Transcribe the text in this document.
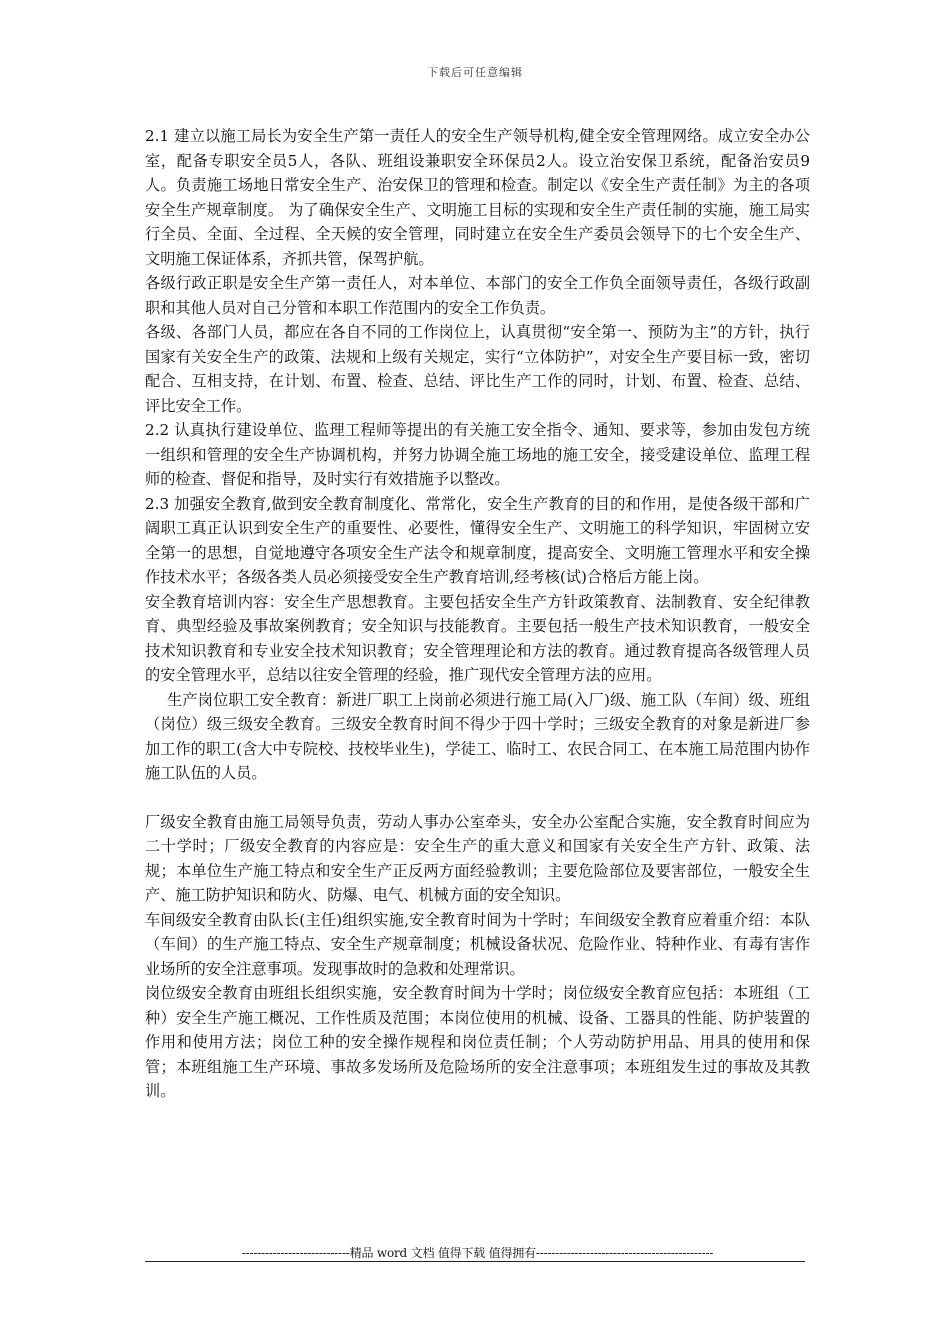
下载后可任意编辑

2.1 建立以施工局长为安全生产第一责任人的安全生产领导机构,健全安全管理网络。成立安全办公室，配备专职安全员5人，各队、班组设兼职安全环保员2人。设立治安保卫系统，配备治安员9人。负责施工场地日常安全生产、治安保卫的管理和检查。制定以《安全生产责任制》为主的各项安全生产规章制度。 为了确保安全生产、文明施工目标的实现和安全生产责任制的实施，施工局实行全员、全面、全过程、全天候的安全管理，同时建立在安全生产委员会领导下的七个安全生产、文明施工保证体系，齐抓共管，保驾护航。

各级行政正职是安全生产第一责任人，对本单位、本部门的安全工作负全面领导责任，各级行政副职和其他人员对自己分管和本职工作范围内的安全工作负责。

各级、各部门人员，都应在各自不同的工作岗位上，认真贯彻“安全第一、预防为主”的方针，执行国家有关安全生产的政策、法规和上级有关规定，实行“立体防护”，对安全生产要目标一致，密切配合、互相支持，在计划、布置、检查、总结、评比生产工作的同时，计划、布置、检查、总结、评比安全工作。

2.2 认真执行建设单位、监理工程师等提出的有关施工安全指令、通知、要求等，参加由发包方统一组织和管理的安全生产协调机构，并努力协调全施工场地的施工安全，接受建设单位、监理工程师的检查、督促和指导，及时实行有效措施予以整改。

2.3 加强安全教育,做到安全教育制度化、常常化，安全生产教育的目的和作用，是使各级干部和广阔职工真正认识到安全生产的重要性、必要性，懂得安全生产、文明施工的科学知识，牢固树立安全第一的思想，自觉地遵守各项安全生产法令和规章制度，提高安全、文明施工管理水平和安全操作技术水平；各级各类人员必须接受安全生产教育培训,经考核(试)合格后方能上岗。

安全教育培训内容：安全生产思想教育。主要包括安全生产方针政策教育、法制教育、安全纪律教育、典型经验及事故案例教育；安全知识与技能教育。主要包括一般生产技术知识教育，一般安全技术知识教育和专业安全技术知识教育；安全管理理论和方法的教育。通过教育提高各级管理人员的安全管理水平，总结以往安全管理的经验，推广现代安全管理方法的应用。

生产岗位职工安全教育：新进厂职工上岗前必须进行施工局(入厂)级、施工队（车间）级、班组（岗位）级三级安全教育。三级安全教育时间不得少于四十学时；三级安全教育的对象是新进厂参加工作的职工(含大中专院校、技校毕业生)，学徒工、临时工、农民合同工、在本施工局范围内协作施工队伍的人员。

厂级安全教育由施工局领导负责，劳动人事办公室牵头，安全办公室配合实施，安全教育时间应为二十学时；厂级安全教育的内容应是：安全生产的重大意义和国家有关安全生产方针、政策、法规；本单位生产施工特点和安全生产正反两方面经验教训；主要危险部位及要害部位，一般安全生产、施工防护知识和防火、防爆、电气、机械方面的安全知识。

车间级安全教育由队长(主任)组织实施,安全教育时间为十学时；车间级安全教育应着重介绍：本队（车间）的生产施工特点、安全生产规章制度；机械设备状况、危险作业、特种作业、有毒有害作业场所的安全注意事项。发现事故时的急救和处理常识。

岗位级安全教育由班组长组织实施，安全教育时间为十学时；岗位级安全教育应包括：本班组（工种）安全生产施工概况、工作性质及范围；本岗位使用的机械、设备、工器具的性能、防护装置的作用和使用方法；岗位工种的安全操作规程和岗位责任制；个人劳动防护用品、用具的使用和保管；本班组施工生产环境、事故多发场所及危险场所的安全注意事项；本班组发生过的事故及其教训。

----------------------------精品 word 文档 值得下载 值得拥有----------------------------------------------
